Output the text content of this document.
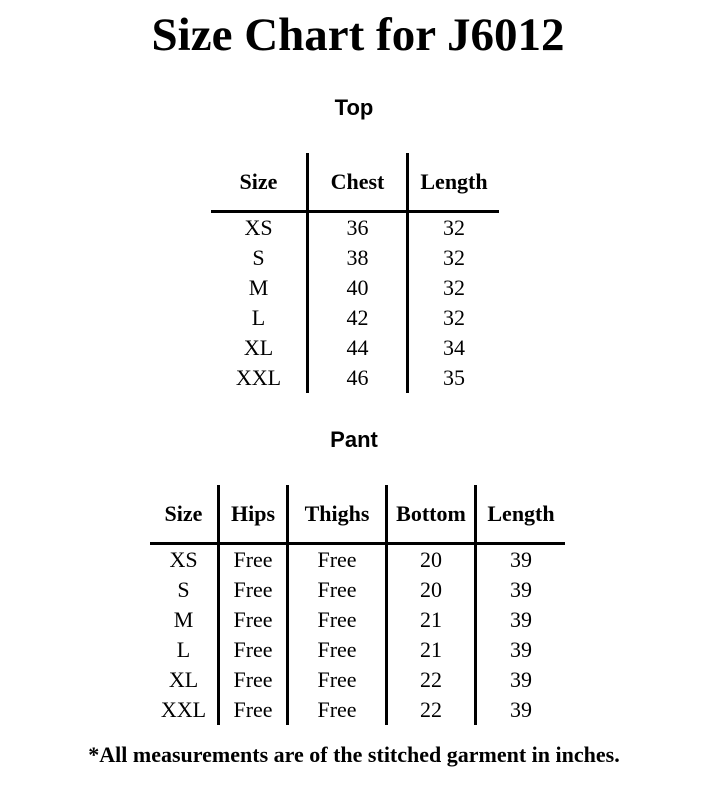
Size Chart for J6012
Top
Size	Chest	Length
XS	36	32
S	38	32
M	40	32
L	42	32
XL	44	34
XXL	46	35
Pant
Size	Hips	Thighs	Bottom	Length
XS	Free	Free	20	39
S	Free	Free	20	39
M	Free	Free	21	39
L	Free	Free	21	39
XL	Free	Free	22	39
XXL	Free	Free	22	39
*All measurements are of the stitched garment in inches.
